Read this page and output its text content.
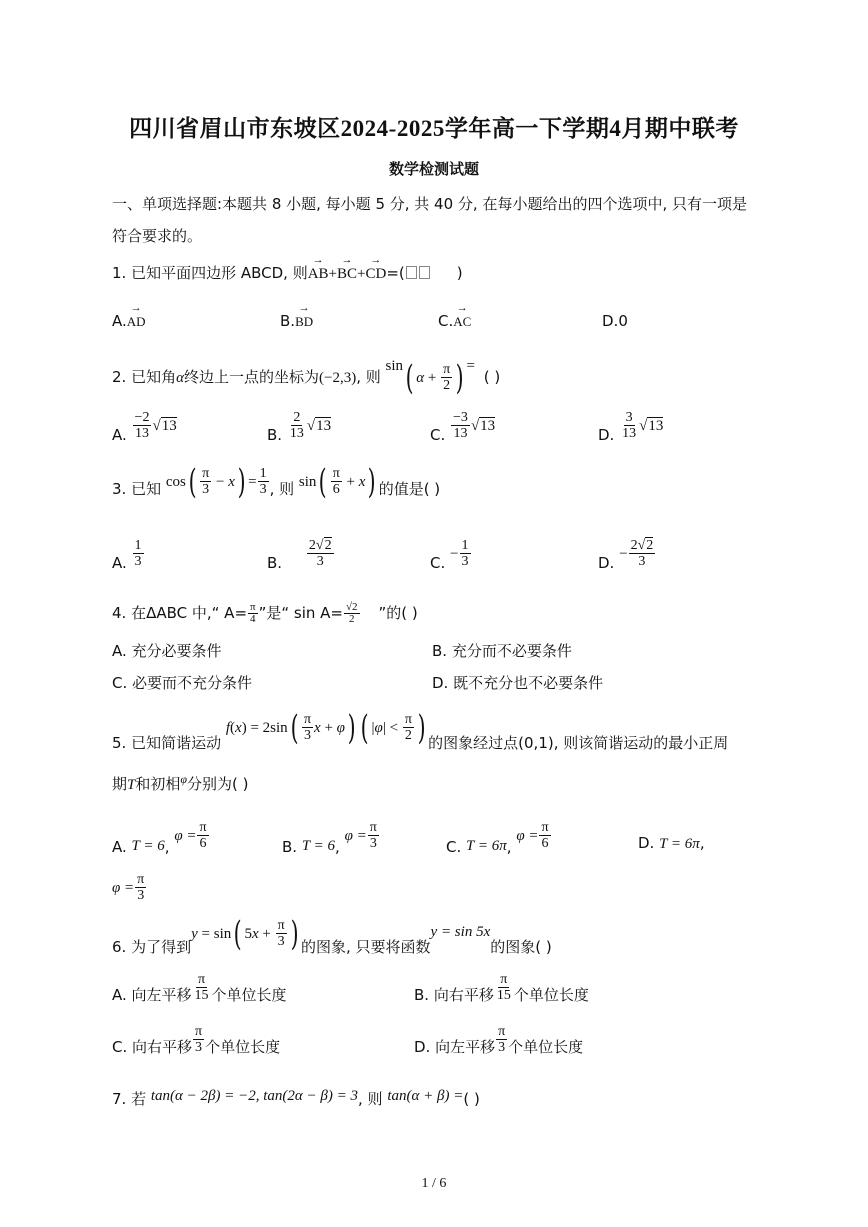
四川省眉山市东坡区2024-2025学年高一下学期4月期中联考
数学检测试题
一、单项选择题:本题共 8 小题, 每小题 5 分, 共 40 分, 在每小题给出的四个选项中, 只有一项是符合要求的。
1. 已知平面四边形 ABCD, 则→ AB+→ BC+→ CD=(	)
A.→ AD	B.→ BD	C.→ AC	D.0
2. 已知角α终边上一点的坐标为(−2,3), 则 sin( $\alpha + \frac{\pi}{2}$ ) = ( )
A. $\frac{-2}{13} √13$	B. $\frac{2}{13} √13$	C. $\frac{-3}{13} √13$	D. $\frac{3}{13} √13$
3. 已知 $\cos( \frac{\pi}{3} - x) = \frac{1}{3}$ , 则 $\sin( \frac{\pi}{6} + x)$ 的值是( )
A. $\frac{1}{3}$	B. $\frac{2√2}{3}$	C. − $\frac{1}{3}$	D. − $\frac{2√2}{3}$
4. 在ΔABC 中,“ $A= \frac{\pi}{4}$ ”是“ $\sin A= \frac{√2}{2}$ ”的( )
A. 充分必要条件	B. 充分而不必要条件
C. 必要而不充分条件	D. 既不充分也不必要条件
5. 已知简谐运动 $f(x) = 2\sin( \frac{\pi}{3}$ x + φ) ( $|\varphi| < \frac{\pi}{2}$ ) 的图象经过点(0,1), 则该简谐运动的最小正周
期T和初相$^\varphi$分别为( )
A. T = 6, $\varphi = \frac{\pi}{6}$	B. T = 6, $\varphi = \frac{\pi}{3}$	C. T = 6π, $\varphi = \frac{\pi}{6}$	D. T = 6π,
$\varphi = \frac{\pi}{3}$
6. 为了得到y = sin( $5x + \frac{\pi}{3}$ ) 的图象, 只要将函数y = sin 5x的图象( )
A. 向左平移 $\frac{\pi}{15}$ 个单位长度	B. 向右平移 $\frac{\pi}{15}$ 个单位长度
C. 向右平移 $\frac{\pi}{3}$ 个单位长度	D. 向左平移 $\frac{\pi}{3}$ 个单位长度
7. 若 tan(α − 2β) = −2, tan(2α − β) = 3, 则 tan(α + β) =( )
1 / 6
